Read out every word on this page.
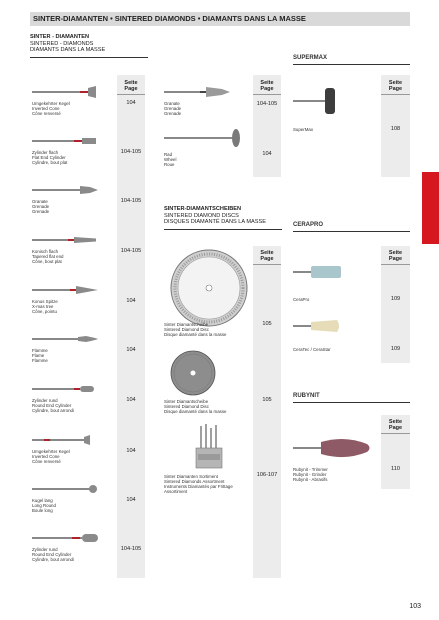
SINTER-DIAMANTEN • SINTERED DIAMONDS • DIAMANTS DANS LA MASSE
SINTER - DIAMANTEN
SINTERED - DIAMONDS
DIAMANTS DANS LA MASSE
Seite
Page
Umgekehrter Kegel
Inverted Cone
Cône renversé
104
Zylinder flach
Flat End Cylinder
Cylindre, bout plat
104-105
Granate
Grenade
Grenade
104-105
Konisch flach
Tapered flat end
Cône, bout plat
104-105
Konus Spitze
X-mas tree
Cône, pointu
104
Flamme
Flame
Flamme
104
Zylinder rund
Round End Cylinder
Cylindre, bout arrondi
104
Umgekehrter Kegel
Inverted Cone
Cône renversé
104
Kugel lang
Long Round
Boule long
104
Zylinder rund
Round End Cylinder
Cylindre, bout arrondi
104-105
Seite
Page
Granate
Grenade
Grenade
104-105
Rad
Wheel
Roue
104
SINTER-DIAMANTSCHEIBEN
SINTERED DIAMOND DISCS
DISQUES DIAMANTÉ DANS LA MASSE
Seite
Page
Sinter Diamantscheibe
Sintered Diamond Disc
Disque diamanté dans la masse
105
Sinter Diamantscheibe
Sintered Diamond Disc
Disque diamanté dans la masse
105
Sinter Diamanten Sortiment
Sintered Diamonds Assortment
Instruments Diamantés par Frittage
Assortiment
106-107
SUPERMAX
Seite
Page
SuperMax	108
CERAPRO
Seite
Page
CeraPro	109
CeraTec / CeraStar	109
RUBYNIT
Seite
Page
Rubynit - Trimmer
Rubynit - Grinder
Rubynit - Abrasifs
110
103
